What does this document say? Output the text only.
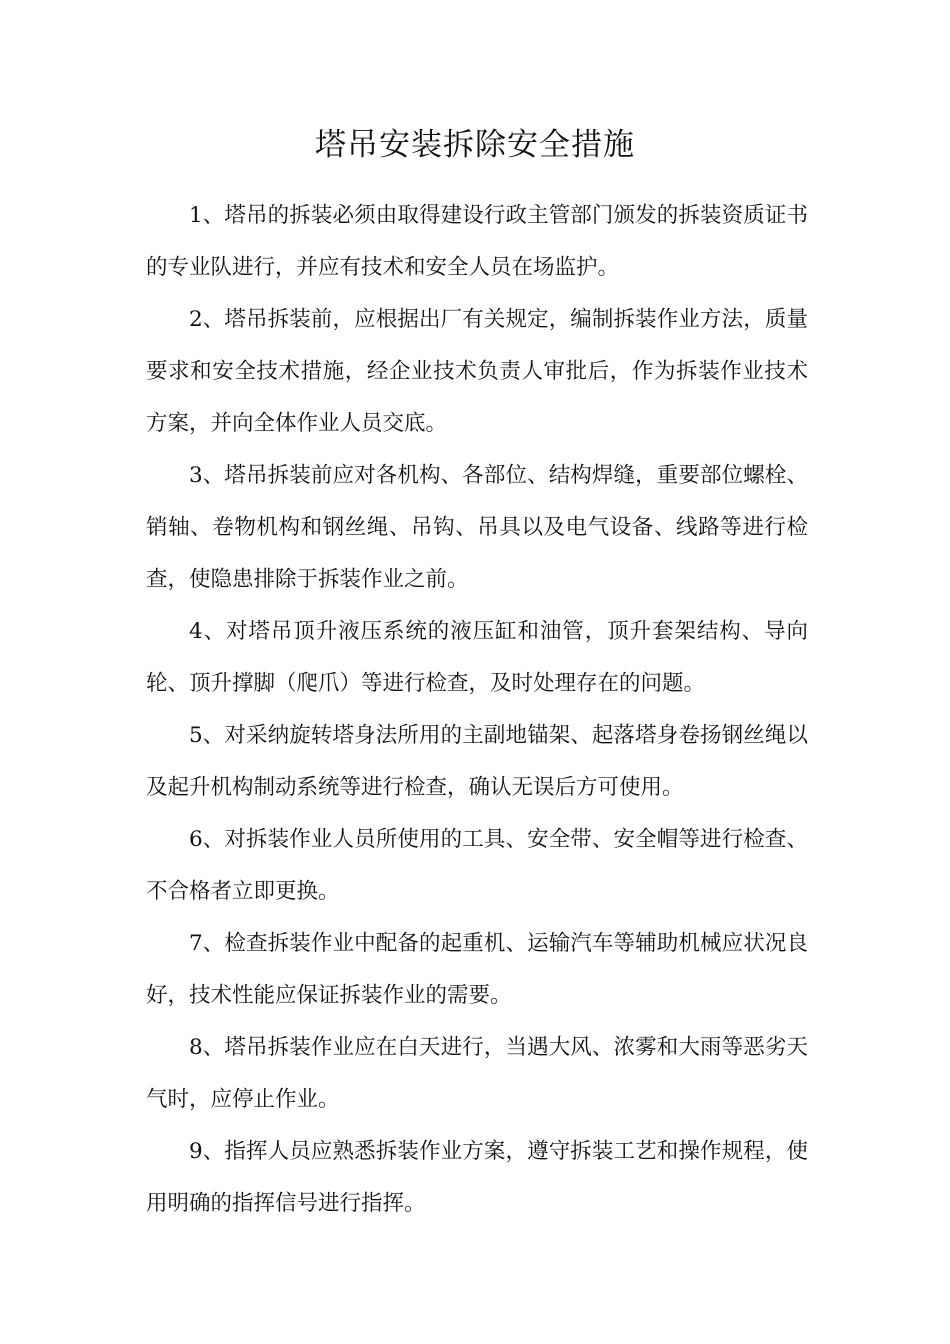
塔吊安装拆除安全措施

1、塔吊的拆装必须由取得建设行政主管部门颁发的拆装资质证书的专业队进行，并应有技术和安全人员在场监护。

2、塔吊拆装前，应根据出厂有关规定，编制拆装作业方法，质量要求和安全技术措施，经企业技术负责人审批后，作为拆装作业技术方案，并向全体作业人员交底。

3、塔吊拆装前应对各机构、各部位、结构焊缝，重要部位螺栓、销轴、卷物机构和钢丝绳、吊钩、吊具以及电气设备、线路等进行检查，使隐患排除于拆装作业之前。

4、对塔吊顶升液压系统的液压缸和油管，顶升套架结构、导向轮、顶升撑脚（爬爪）等进行检查，及时处理存在的问题。

5、对采纳旋转塔身法所用的主副地锚架、起落塔身卷扬钢丝绳以及起升机构制动系统等进行检查，确认无误后方可使用。

6、对拆装作业人员所使用的工具、安全带、安全帽等进行检查、不合格者立即更换。

7、检查拆装作业中配备的起重机、运输汽车等辅助机械应状况良好，技术性能应保证拆装作业的需要。

8、塔吊拆装作业应在白天进行，当遇大风、浓雾和大雨等恶劣天气时，应停止作业。

9、指挥人员应熟悉拆装作业方案，遵守拆装工艺和操作规程，使用明确的指挥信号进行指挥。
